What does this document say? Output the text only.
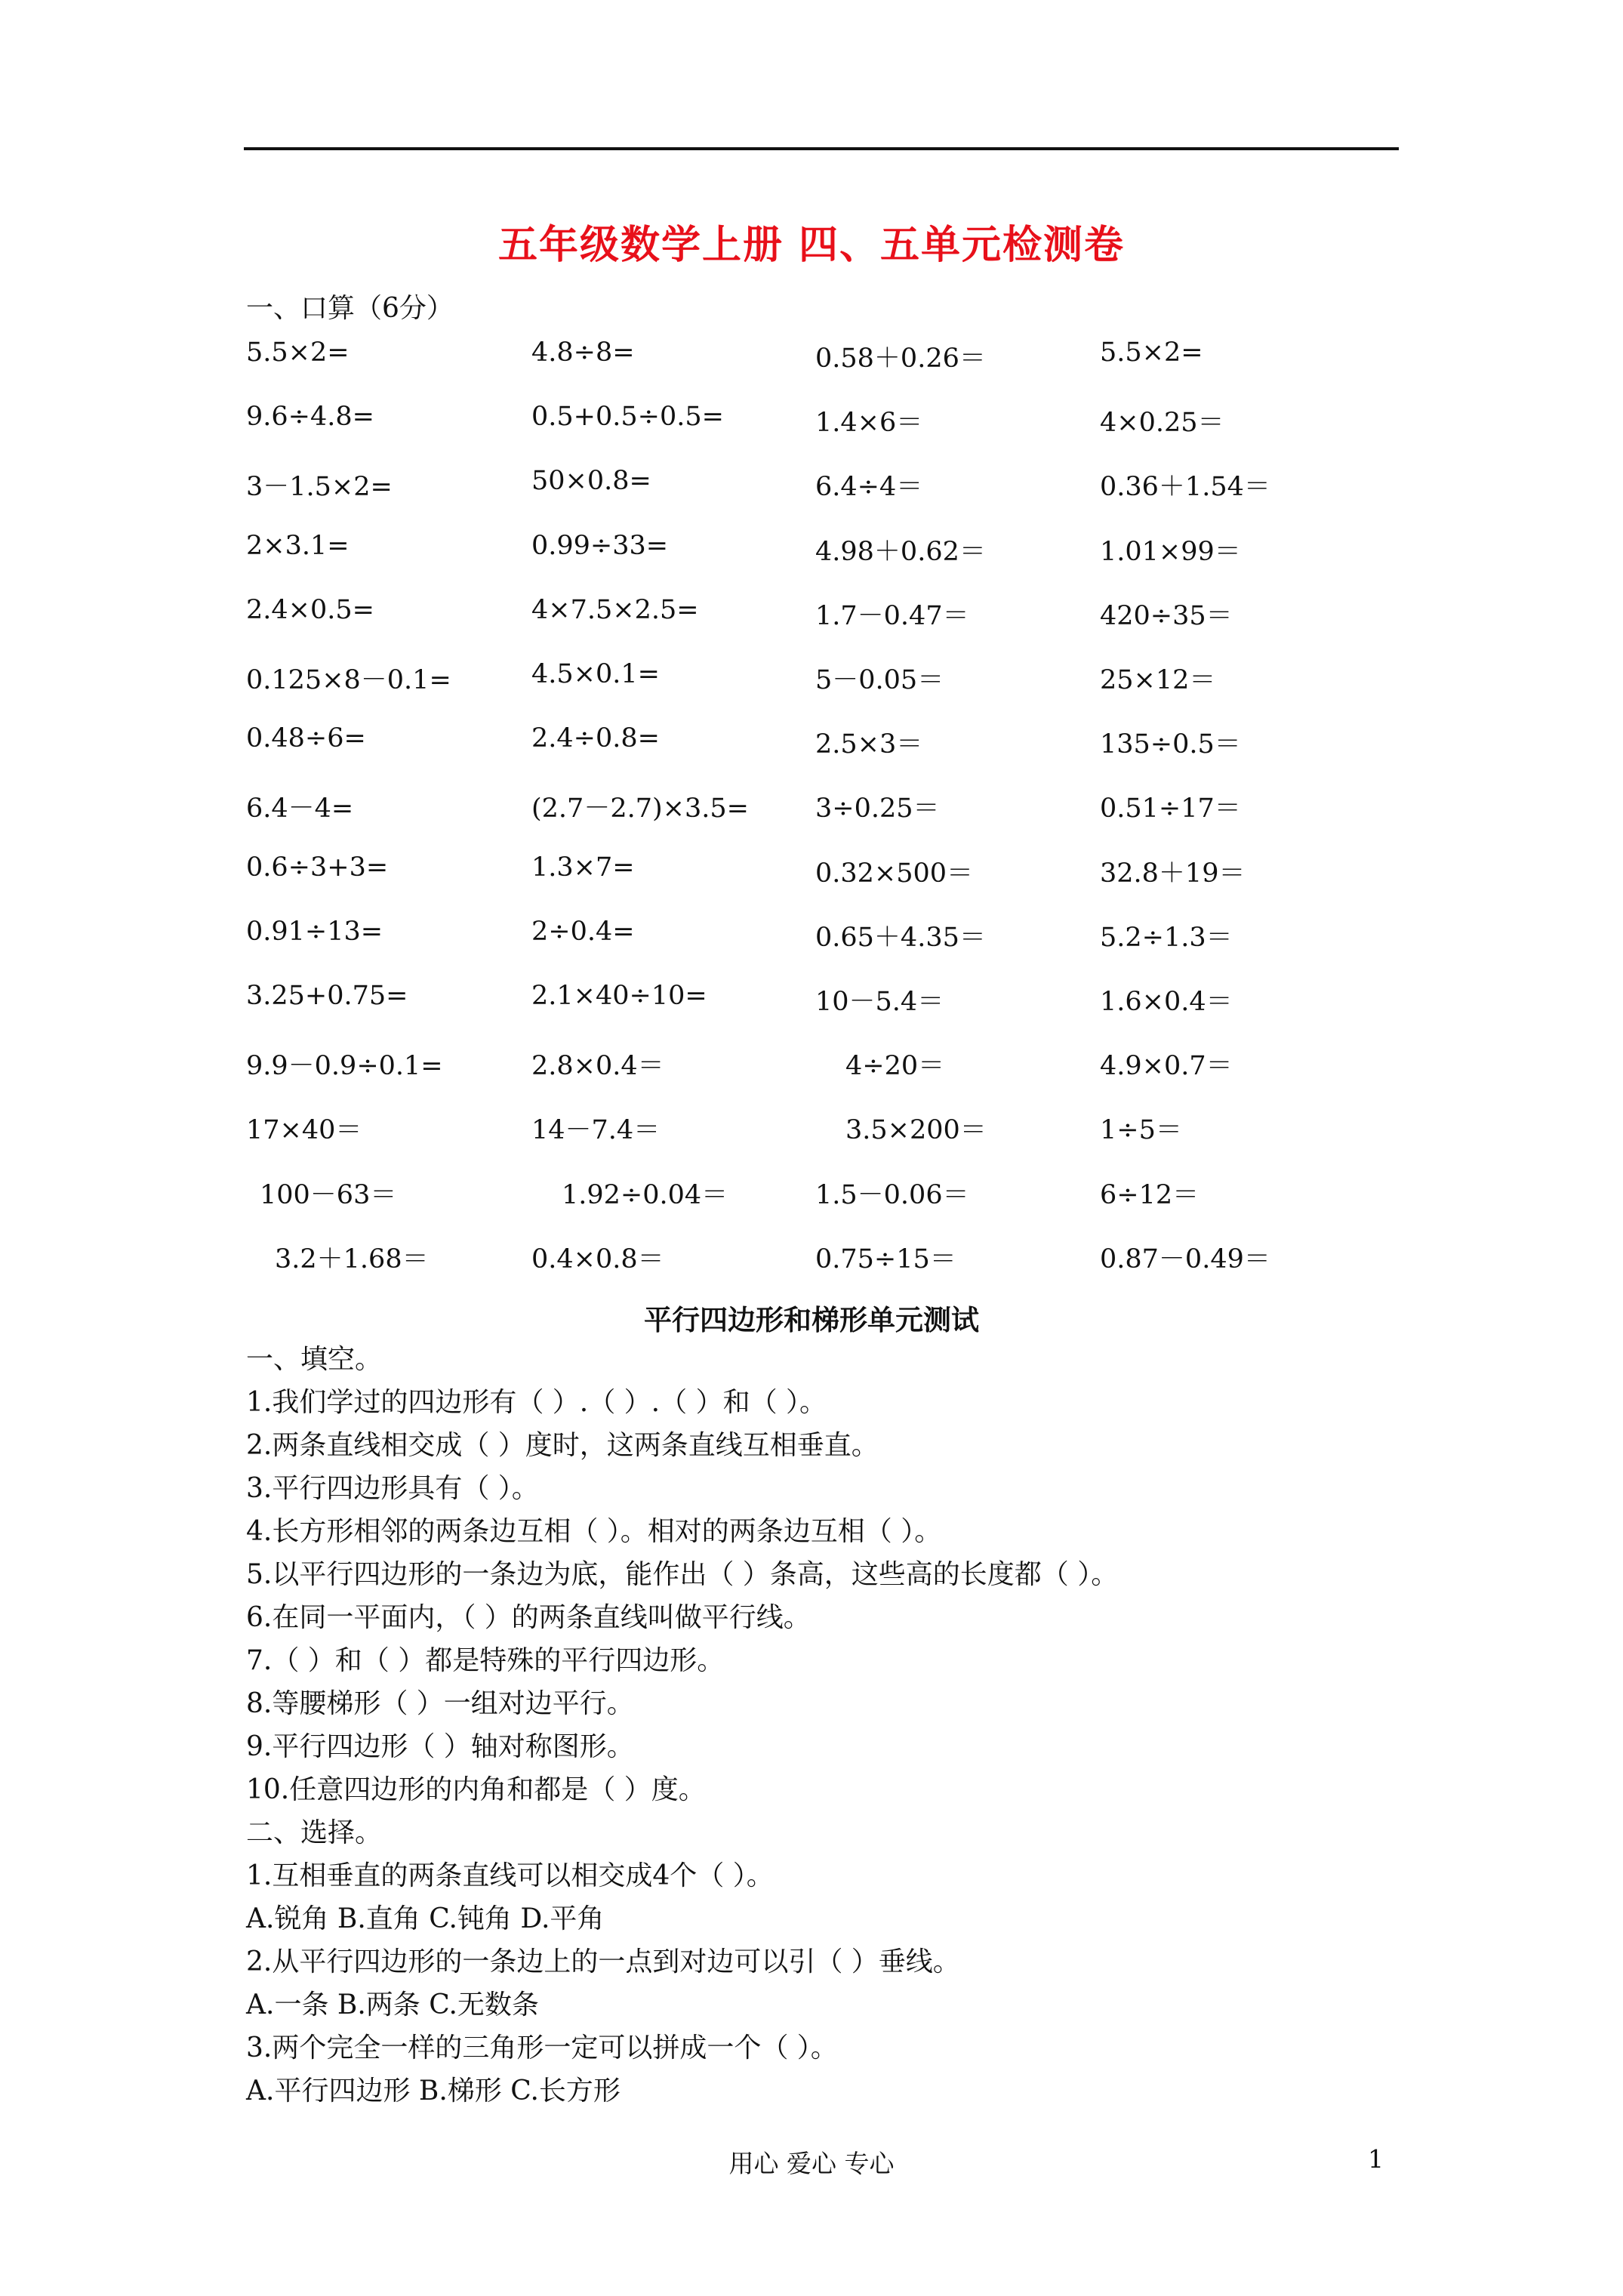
五年级数学上册 四、五单元检测卷
一、口算（6分）
5.5×2=	4.8÷8=	0.58＋0.26＝	5.5×2=
9.6÷4.8=	0.5+0.5÷0.5=	1.4×6＝	4×0.25＝
3－1.5×2=	50×0.8=	6.4÷4＝	0.36＋1.54＝
2×3.1=	0.99÷33=	4.98＋0.62＝	1.01×99＝
2.4×0.5=	4×7.5×2.5=	1.7－0.47＝	420÷35＝
0.125×8－0.1=	4.5×0.1=	5－0.05＝	25×12＝
0.48÷6=	2.4÷0.8=	2.5×3＝	135÷0.5＝
6.4－4=	(2.7－2.7)×3.5=	3÷0.25＝	0.51÷17＝
0.6÷3+3=	1.3×7=	0.32×500＝	32.8＋19＝
0.91÷13=	2÷0.4=	0.65＋4.35＝	5.2÷1.3＝
3.25+0.75=	2.1×40÷10=	10－5.4＝	1.6×0.4＝
9.9－0.9÷0.1=	2.8×0.4＝	4÷20＝	4.9×0.7＝
17×40＝	14－7.4＝	3.5×200＝	1÷5＝
100－63＝	1.92÷0.04＝	1.5－0.06＝	6÷12＝
3.2＋1.68＝	0.4×0.8＝	0.75÷15＝	0.87－0.49＝
平行四边形和梯形单元测试
一、填空。
1.我们学过的四边形有（ ）.（ ）.（ ）和（ ）。
2.两条直线相交成（ ）度时，这两条直线互相垂直。
3.平行四边形具有（ ）。
4.长方形相邻的两条边互相（ ）。相对的两条边互相（ ）。
5.以平行四边形的一条边为底，能作出（ ）条高，这些高的长度都（ ）。
6.在同一平面内，（ ）的两条直线叫做平行线。
7.（ ）和（ ）都是特殊的平行四边形。
8.等腰梯形（ ）一组对边平行。
9.平行四边形（ ）轴对称图形。
10.任意四边形的内角和都是（ ）度。
二、选择。
1.互相垂直的两条直线可以相交成4个（ ）。
A.锐角 B.直角 C.钝角 D.平角
2.从平行四边形的一条边上的一点到对边可以引（ ）垂线。
A.一条 B.两条 C.无数条
3.两个完全一样的三角形一定可以拼成一个（ ）。
A.平行四边形 B.梯形 C.长方形
用心 爱心 专心	1
